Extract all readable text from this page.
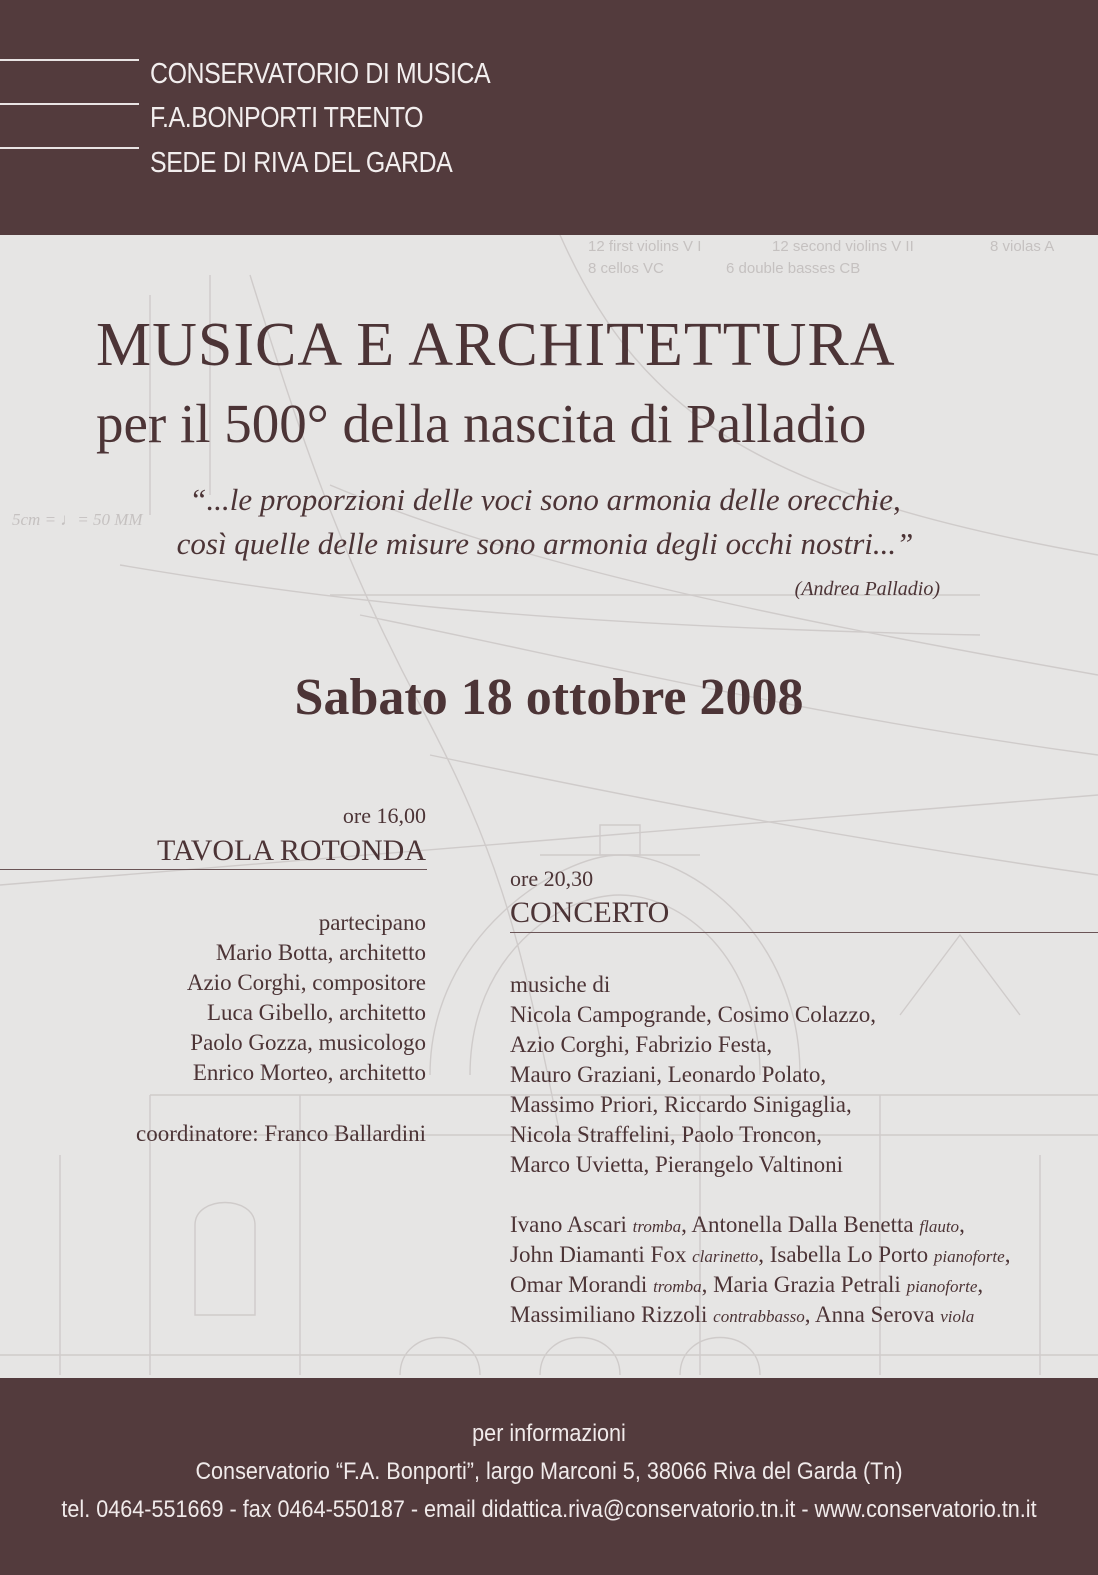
CONSERVATORIO DI MUSICA
F.A.BONPORTI TRENTO
SEDE DI RIVA DEL GARDA
12 first violins V I	12 second violins V II	8 violas A
8 cellos VC	6 double basses CB
5cm = ♩= 50 MM
MUSICA E ARCHITETTURA
per il 500° della nascita di Palladio
“...le proporzioni delle voci sono armonia delle orecchie,
così quelle delle misure sono armonia degli occhi nostri...”
(Andrea Palladio)
Sabato 18 ottobre 2008
ore 16,00
TAVOLA ROTONDA
partecipano
Mario Botta, architetto
Azio Corghi, compositore
Luca Gibello, architetto
Paolo Gozza, musicologo
Enrico Morteo, architetto
coordinatore: Franco Ballardini
ore 20,30
CONCERTO
musiche di
Nicola Campogrande, Cosimo Colazzo,
Azio Corghi, Fabrizio Festa,
Mauro Graziani, Leonardo Polato,
Massimo Priori, Riccardo Sinigaglia,
Nicola Straffelini, Paolo Troncon,
Marco Uvietta, Pierangelo Valtinoni
Ivano Ascari tromba, Antonella Dalla Benetta flauto,
John Diamanti Fox clarinetto, Isabella Lo Porto pianoforte,
Omar Morandi tromba, Maria Grazia Petrali pianoforte,
Massimiliano Rizzoli contrabbasso, Anna Serova viola
per informazioni
Conservatorio “F.A. Bonporti”, largo Marconi 5, 38066 Riva del Garda (Tn)
tel. 0464-551669 - fax 0464-550187 - email didattica.riva@conservatorio.tn.it - www.conservatorio.tn.it
